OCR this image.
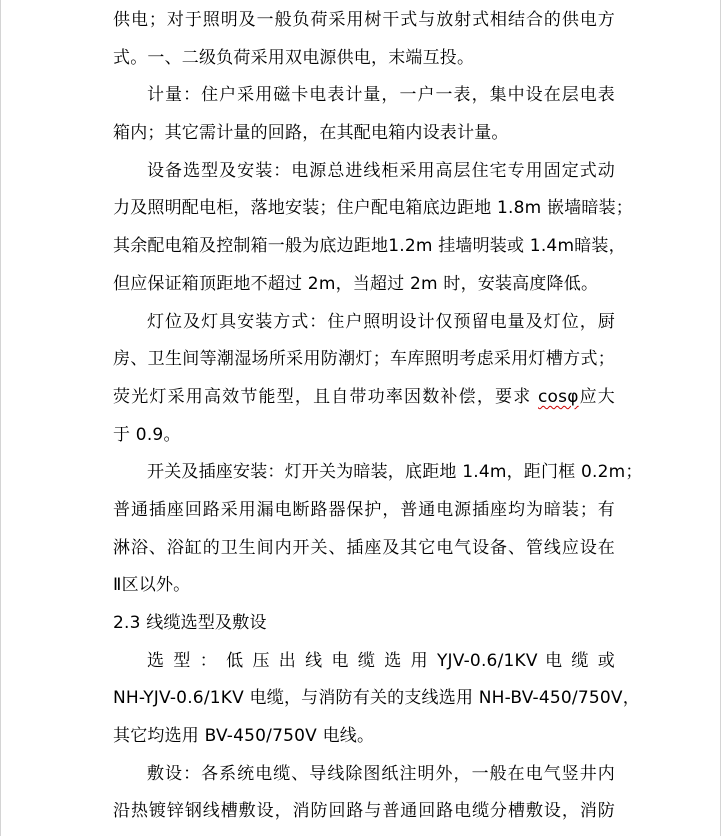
供电；对于照明及一般负荷采用树干式与放射式相结合的供电方
式。一、二级负荷采用双电源供电，末端互投。
计量：住户采用磁卡电表计量，一户一表，集中设在层电表
箱内；其它需计量的回路，在其配电箱内设表计量。
设备选型及安装：电源总进线柜采用高层住宅专用固定式动
力及照明配电柜，落地安装；住户配电箱底边距地 1.8m 嵌墙暗装；
其余配电箱及控制箱一般为底边距地1.2m 挂墙明装或 1.4m暗装，
但应保证箱顶距地不超过 2m，当超过 2m 时，安装高度降低。
灯位及灯具安装方式：住户照明设计仅预留电量及灯位，厨
房、卫生间等潮湿场所采用防潮灯；车库照明考虑采用灯槽方式；
荧光灯采用高效节能型，且自带功率因数补偿，要求 cosφ应大
于 0.9。
开关及插座安装：灯开关为暗装，底距地 1.4m，距门框 0.2m；
普通插座回路采用漏电断路器保护，普通电源插座均为暗装；有
淋浴、浴缸的卫生间内开关、插座及其它电气设备、管线应设在
Ⅱ区以外。
2.3 线缆选型及敷设
选 型 ： 低 压 出 线 电 缆 选 用 YJV-0.6/1KV 电 缆 或
NH-YJV-0.6/1KV 电缆，与消防有关的支线选用 NH-BV-450/750V，
其它均选用 BV-450/750V 电线。
敷设：各系统电缆、导线除图纸注明外，一般在电气竖井内
沿热镀锌钢线槽敷设，消防回路与普通回路电缆分槽敷设，消防
